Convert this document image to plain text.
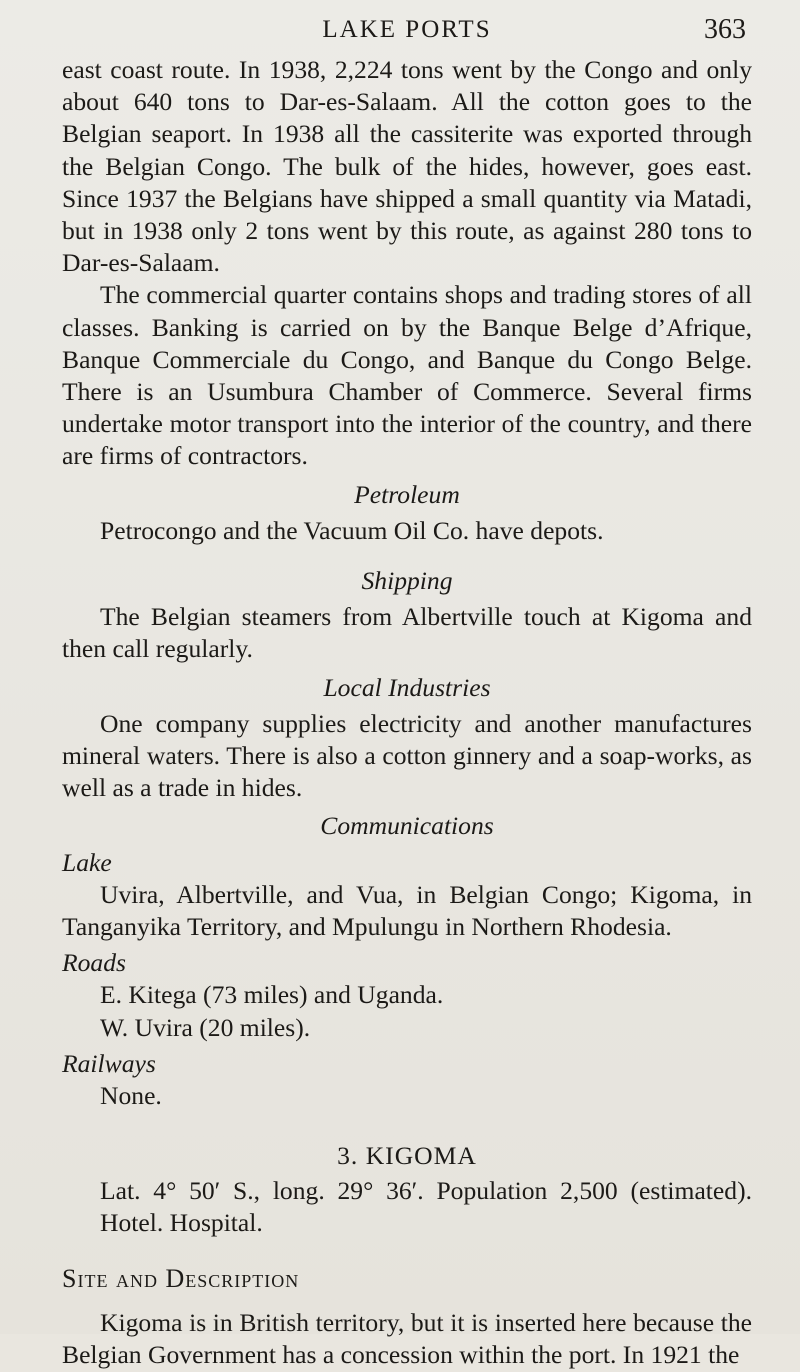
LAKE PORTS	363

east coast route. In 1938, 2,224 tons went by the Congo and only about 640 tons to Dar-es-Salaam. All the cotton goes to the Belgian seaport. In 1938 all the cassiterite was exported through the Belgian Congo. The bulk of the hides, however, goes east. Since 1937 the Belgians have shipped a small quantity via Matadi, but in 1938 only 2 tons went by this route, as against 280 tons to Dar-es-Salaam.

The commercial quarter contains shops and trading stores of all classes. Banking is carried on by the Banque Belge d’Afrique, Banque Commerciale du Congo, and Banque du Congo Belge. There is an Usumbura Chamber of Commerce. Several firms undertake motor transport into the interior of the country, and there are firms of contractors.

Petroleum

Petrocongo and the Vacuum Oil Co. have depots.

Shipping

The Belgian steamers from Albertville touch at Kigoma and then call regularly.

Local Industries

One company supplies electricity and another manufactures mineral waters. There is also a cotton ginnery and a soap-works, as well as a trade in hides.

Communications

Lake

Uvira, Albertville, and Vua, in Belgian Congo; Kigoma, in Tanganyika Territory, and Mpulungu in Northern Rhodesia.

Roads

E. Kitega (73 miles) and Uganda.

W. Uvira (20 miles).

Railways

None.

3. KIGOMA

Lat. 4° 50′ S., long. 29° 36′. Population 2,500 (estimated). Hotel. Hospital.

Site and Description

Kigoma is in British territory, but it is inserted here because the Belgian Government has a concession within the port. In 1921 the
